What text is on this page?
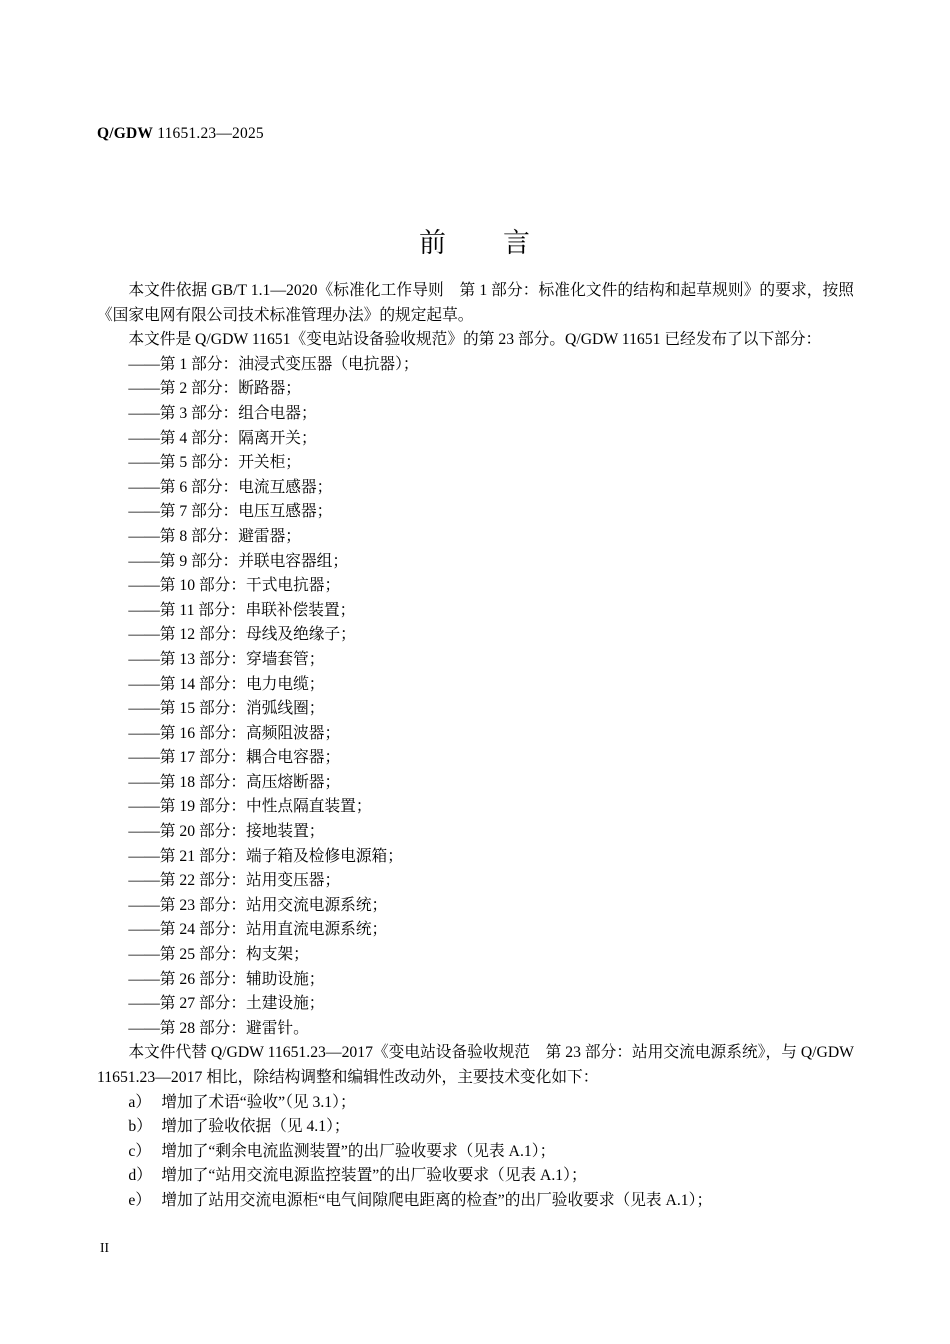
Q/GDW 11651.23—2025
前　　言

本文件依据 GB/T 1.1—2020《标准化工作导则　第 1 部分：标准化文件的结构和起草规则》的要求，按照《国家电网有限公司技术标准管理办法》的规定起草。

本文件是 Q/GDW 11651《变电站设备验收规范》的第 23 部分。Q/GDW 11651 已经发布了以下部分：

——第 1 部分：油浸式变压器（电抗器）；
——第 2 部分：断路器；
——第 3 部分：组合电器；
——第 4 部分：隔离开关；
——第 5 部分：开关柜；
——第 6 部分：电流互感器；
——第 7 部分：电压互感器；
——第 8 部分：避雷器；
——第 9 部分：并联电容器组；
——第 10 部分：干式电抗器；
——第 11 部分：串联补偿装置；
——第 12 部分：母线及绝缘子；
——第 13 部分：穿墙套管；
——第 14 部分：电力电缆；
——第 15 部分：消弧线圈；
——第 16 部分：高频阻波器；
——第 17 部分：耦合电容器；
——第 18 部分：高压熔断器；
——第 19 部分：中性点隔直装置；
——第 20 部分：接地装置；
——第 21 部分：端子箱及检修电源箱；
——第 22 部分：站用变压器；
——第 23 部分：站用交流电源系统；
——第 24 部分：站用直流电源系统；
——第 25 部分：构支架；
——第 26 部分：辅助设施；
——第 27 部分：土建设施；
——第 28 部分：避雷针。

本文件代替 Q/GDW 11651.23—2017《变电站设备验收规范　第 23 部分：站用交流电源系统》，与 Q/GDW 11651.23—2017 相比，除结构调整和编辑性改动外，主要技术变化如下：

a） 增加了术语“验收”（见 3.1）；
b） 增加了验收依据（见 4.1）；
c） 增加了“剩余电流监测装置”的出厂验收要求（见表 A.1）；
d） 增加了“站用交流电源监控装置”的出厂验收要求（见表 A.1）；
e） 增加了站用交流电源柜“电气间隙爬电距离的检查”的出厂验收要求（见表 A.1）；
II
